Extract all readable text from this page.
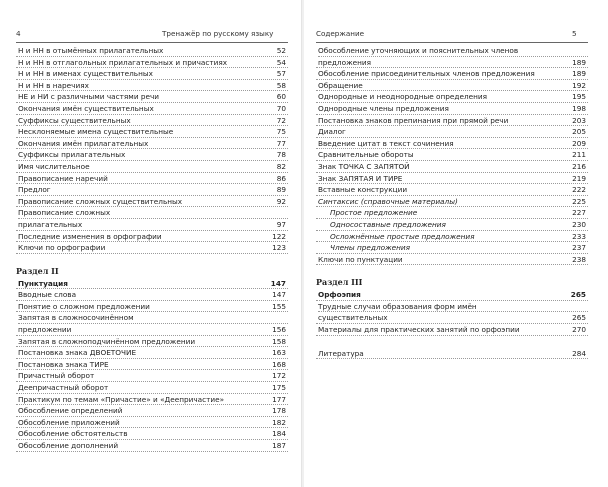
4	Тренажёр по русскому языку
Н и НН в отымённых прилагательных	52
Н и НН в отглагольных прилагательных и причастиях	54
Н и НН в именах существительных	57
Н и НН в наречиях	58
НЕ и НИ с различными частями речи	60
Окончания имён существительных	70
Суффиксы существительных	72
Несклоняемые имена существительные	75
Окончания имён прилагательных	77
Суффиксы прилагательных	78
Имя числительное	82
Правописание наречий	86
Предлог	89
Правописание сложных существительных	92
Правописание сложных
прилагательных	97
Последние изменения в орфографии	122
Ключи по орфографии	123
Раздел II
Пунктуация	147
Вводные слова	147
Понятие о сложном предложении	155
Запятая в сложносочинённом
предложении	156
Запятая в сложноподчинённом предложении	158
Постановка знака ДВОЕТОЧИЕ	163
Постановка знака ТИРЕ	168
Причастный оборот	172
Деепричастный оборот	175
Практикум по темам «Причастие» и «Деепричастие»	177
Обособление определений	178
Обособление приложений	182
Обособление обстоятельств	184
Обособление дополнений	187
Содержание	5
Обособление уточняющих и пояснительных членов
предложения	189
Обособление присоединительных членов предложения	189
Обращение	192
Однородные и неоднородные определения	195
Однородные члены предложения	198
Постановка знаков препинания при прямой речи	203
Диалог	205
Введение цитат в текст сочинения	209
Сравнительные обороты	211
Знак ТОЧКА С ЗАПЯТОЙ	216
Знак ЗАПЯТАЯ И ТИРЕ	219
Вставные конструкции	222
Синтаксис (справочные материалы)	225
Простое предложение	227
Односоставные предложения	230
Осложнённые простые предложения	233
Члены предложения	237
Ключи по пунктуации	238
Раздел III
Орфоэпия	265
Трудные случаи образования форм имён
существительных	265
Материалы для практических занятий по орфоэпии	270
Литература	284
